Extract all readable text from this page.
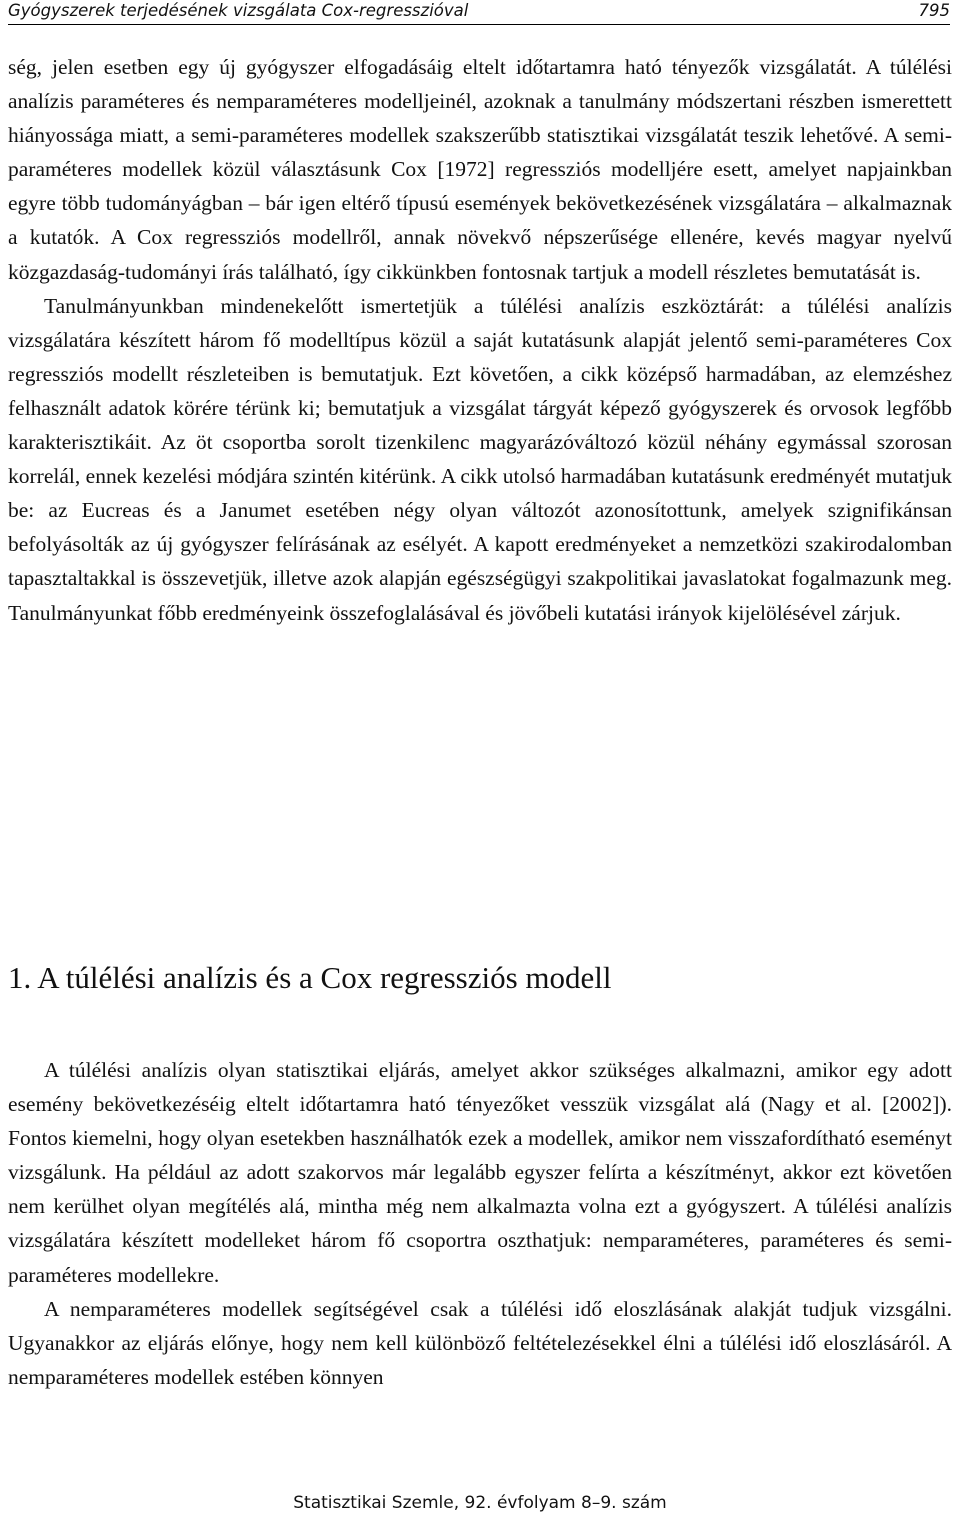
Gyógyszerek terjedésének vizsgálata Cox-regresszióval	795

ség, jelen esetben egy új gyógyszer elfogadásáig eltelt időtartamra ható tényezők vizsgálatát. A túlélési analízis paraméteres és nemparaméteres modelljeinél, azoknak a tanulmány módszertani részben ismerettett hiányossága miatt, a semi-paraméteres modellek szakszerűbb statisztikai vizsgálatát teszik lehetővé. A semi-paraméteres modellek közül választásunk Cox [1972] regressziós modelljére esett, amelyet napjainkban egyre több tudományágban – bár igen eltérő típusú események bekövetkezésének vizsgálatára – alkalmaznak a kutatók. A Cox regressziós modellről, annak növekvő népszerűsége ellenére, kevés magyar nyelvű közgazdaság-tudományi írás található, így cikkünkben fontosnak tartjuk a modell részletes bemutatását is.

Tanulmányunkban mindenekelőtt ismertetjük a túlélési analízis eszköztárát: a túlélési analízis vizsgálatára készített három fő modelltípus közül a saját kutatásunk alapját jelentő semi-paraméteres Cox regressziós modellt részleteiben is bemutatjuk. Ezt követően, a cikk középső harmadában, az elemzéshez felhasznált adatok körére térünk ki; bemutatjuk a vizsgálat tárgyát képező gyógyszerek és orvosok legfőbb karakterisztikáit. Az öt csoportba sorolt tizenkilenc magyarázóváltozó közül néhány egymással szorosan korrelál, ennek kezelési módjára szintén kitérünk. A cikk utolsó harmadában kutatásunk eredményét mutatjuk be: az Eucreas és a Janumet esetében négy olyan változót azonosítottunk, amelyek szignifikánsan befolyásolták az új gyógyszer felírásának az esélyét. A kapott eredményeket a nemzetközi szakirodalomban tapasztaltakkal is összevetjük, illetve azok alapján egészségügyi szakpolitikai javaslatokat fogalmazunk meg. Tanulmányunkat főbb eredményeink összefoglalásával és jövőbeli kutatási irányok kijelölésével zárjuk.

1. A túlélési analízis és a Cox regressziós modell

A túlélési analízis olyan statisztikai eljárás, amelyet akkor szükséges alkalmazni, amikor egy adott esemény bekövetkezéséig eltelt időtartamra ható tényezőket vesszük vizsgálat alá (Nagy et al. [2002]). Fontos kiemelni, hogy olyan esetekben használhatók ezek a modellek, amikor nem visszafordítható eseményt vizsgálunk. Ha például az adott szakorvos már legalább egyszer felírta a készítményt, akkor ezt követően nem kerülhet olyan megítélés alá, mintha még nem alkalmazta volna ezt a gyógyszert. A túlélési analízis vizsgálatára készített modelleket három fő csoportra oszthatjuk: nemparaméteres, paraméteres és semi-paraméteres modellekre.

A nemparaméteres modellek segítségével csak a túlélési idő eloszlásának alakját tudjuk vizsgálni. Ugyanakkor az eljárás előnye, hogy nem kell különböző feltételezésekkel élni a túlélési idő eloszlásáról. A nemparaméteres modellek estében könnyen

Statisztikai Szemle, 92. évfolyam 8–9. szám
